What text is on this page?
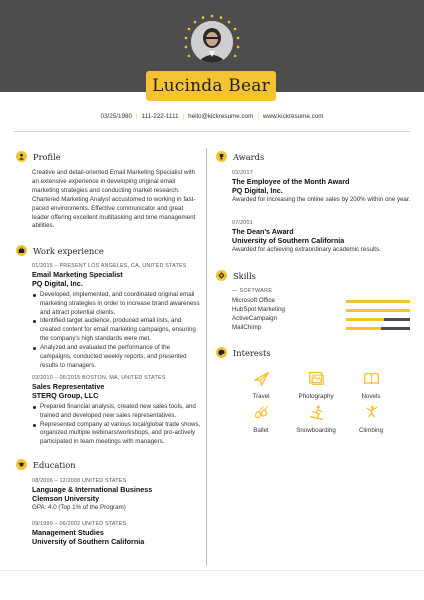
Lucinda Bear
03/25/1980 | 111-222-1111 | hello@kickresume.com | www.kickresume.com
Profile
Creative and detail-oriented Email Marketing Specialist with an extensive experience in developing original email marketing strategies and conducting market research. Chartered Marketing Analyst accustomed to working in fast-paced environments. Effective communicator and great leader offering excellent multitasking and time management abilities.
Work experience
01/2015 – PRESENT LOS ANGELES, CA, UNITED STATES
Email Marketing Specialist
PQ Digital, Inc.
Developed, implemented, and coordinated original email marketing strategies in order to increase brand awareness and attract potential clients.
Identified target audience, produced email lists, and created content for email marketing campaigns, ensuring the company's high standards were met.
Analyzed and evaluated the performance of the campaigns, conducted weekly reports, and presented results to managers.
03/2010 – 06/2015 BOSTON, MA, UNITED STATES
Sales Representative
STERQ Group, LLC
Prepared financial analysis, created new sales tools, and trained and developed new sales representatives.
Represented company at various local/global trade shows, organized multiple webinars/workshops, and pro-actively participated in team meetings with managers.
Education
08/2006 – 12/2008 UNITED STATES
Language & International Business
Clemson University
GPA: 4.0 (Top 1% of the Program)
09/1999 – 06/2002 UNITED STATES
Management Studies
University of Southern California
Awards
03/2017
The Employee of the Month Award
PQ Digital, Inc.
Awarded for increasing the online sales by 200% within one year.
07/2001
The Dean's Award
University of Southern California
Awarded for achieving extraordinary academic results.
Skills
— SOFTWARE
Microsoft Office
HubSpot Marketing
ActiveCampaign
MailChimp
Interests
Travel	Photography	Novels
Ballet	Snowboarding	Climbing
